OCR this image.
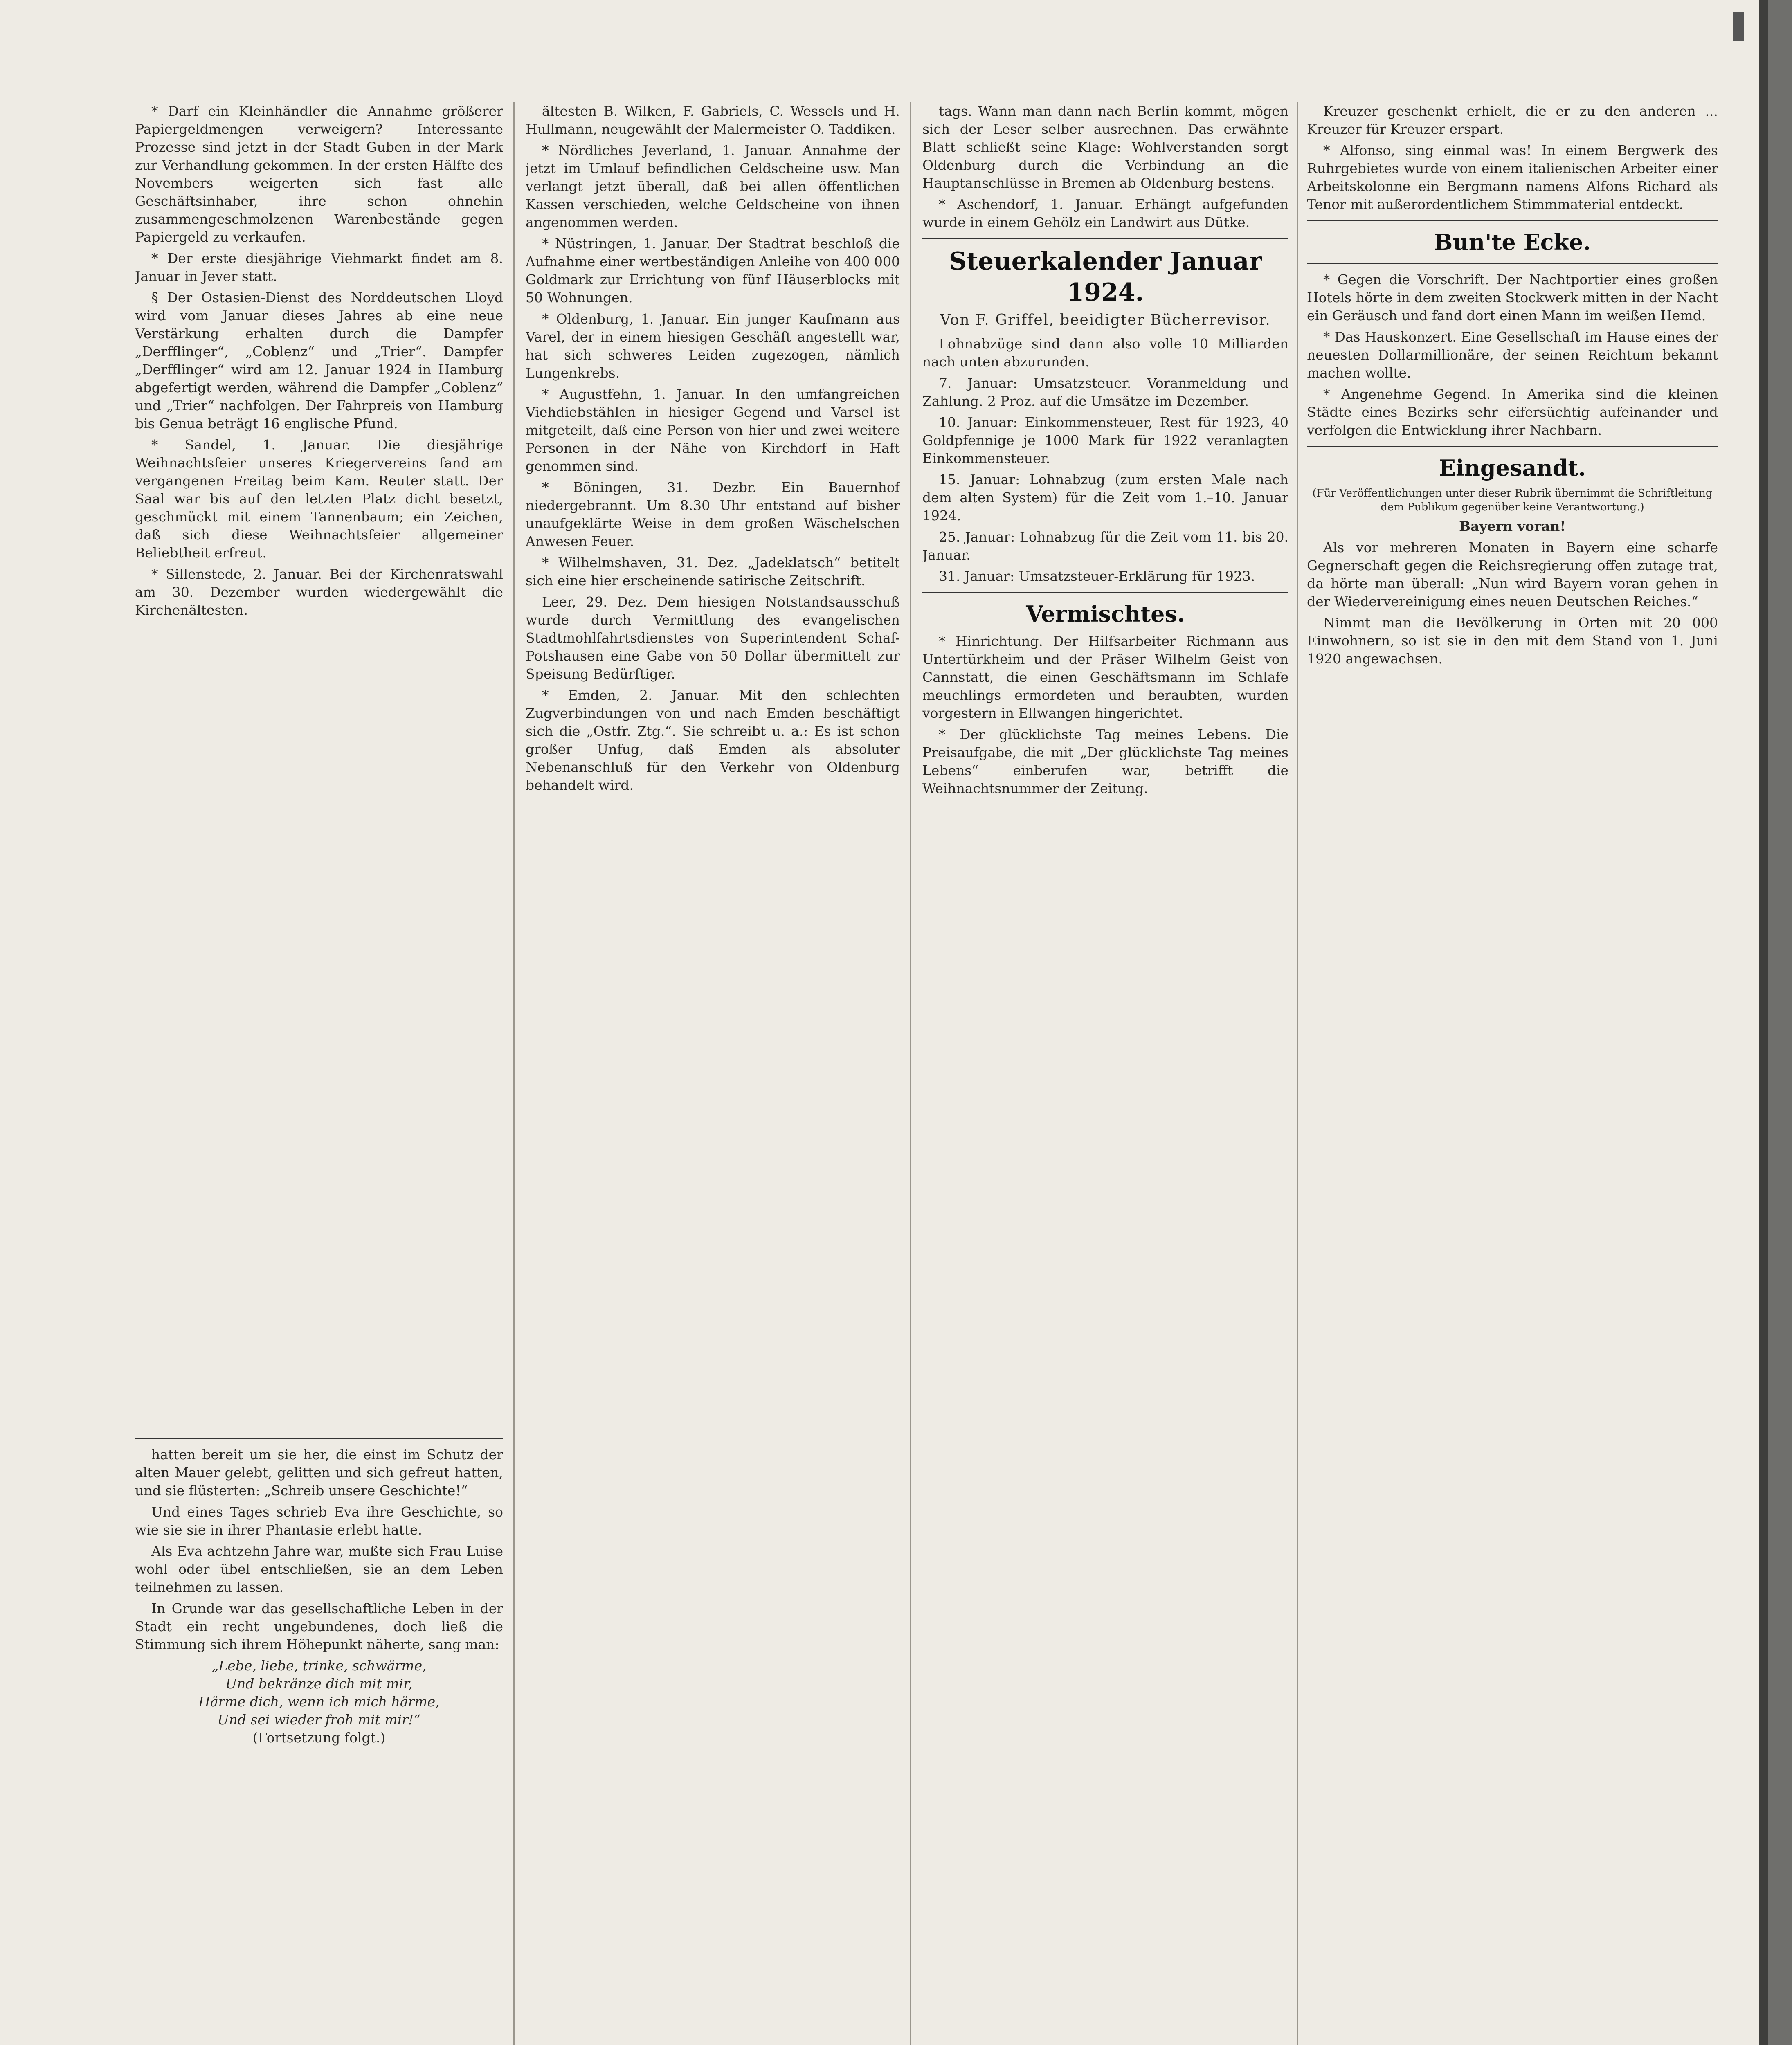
* Darf ein Kleinhändler die Annahme größerer Papiergeldmengen verweigern? Interessante Prozesse sind jetzt in der Stadt Guben in der Mark zur Verhandlung gekommen. In der ersten Hälfte des Novembers weigerten sich fast alle Geschäftsinhaber, ihre schon ohnehin zusammengeschmolzenen Warenbestände gegen Papiergeld zu verkaufen.

* Der erste diesjährige Viehmarkt findet am 8. Januar in Jever statt.

§ Der Ostasien-Dienst des Norddeutschen Lloyd wird vom Januar dieses Jahres ab eine neue Verstärkung erhalten durch die Dampfer „Derfflinger“, „Coblenz“ und „Trier“. Dampfer „Derfflinger“ wird am 12. Januar 1924 in Hamburg abgefertigt werden, während die Dampfer „Coblenz“ und „Trier“ nachfolgen. Der Fahrpreis von Hamburg bis Genua beträgt 16 englische Pfund.

* Sandel, 1. Januar. Die diesjährige Weihnachtsfeier unseres Kriegervereins fand am vergangenen Freitag beim Kam. Reuter statt. Der Saal war bis auf den letzten Platz dicht besetzt, geschmückt mit einem Tannenbaum; ein Zeichen, daß sich diese Weihnachtsfeier allgemeiner Beliebtheit erfreut.

* Sillenstede, 2. Januar. Bei der Kirchenratswahl am 30. Dezember wurden wiedergewählt die Kirchenältesten.

hatten bereit um sie her, die einst im Schutz der alten Mauer gelebt, gelitten und sich gefreut hatten, und sie flüsterten: „Schreib unsere Geschichte!“

Und eines Tages schrieb Eva ihre Geschichte, so wie sie sie in ihrer Phantasie erlebt hatte.

Als Eva achtzehn Jahre war, mußte sich Frau Luise wohl oder übel entschließen, sie an dem Leben teilnehmen zu lassen.

In Grunde war das gesellschaftliche Leben in der Stadt ein recht ungebundenes, doch ließ die Stimmung sich ihrem Höhepunkt näherte, sang man:

„Lebe, liebe, trinke, schwärme,
Und bekränze dich mit mir,
Härme dich, wenn ich mich härme,
Und sei wieder froh mit mir!“
(Fortsetzung folgt.)

ältesten B. Wilken, F. Gabriels, C. Wessels und H. Hullmann, neugewählt der Malermeister O. Taddiken.

* Nördliches Jeverland, 1. Januar. Annahme der jetzt im Umlauf befindlichen Geldscheine usw. Man verlangt jetzt überall, daß bei allen öffentlichen Kassen verschieden, welche Geldscheine von ihnen angenommen werden.

* Nüstringen, 1. Januar. Der Stadtrat beschloß die Aufnahme einer wertbeständigen Anleihe von 400 000 Goldmark zur Errichtung von fünf Häuserblocks mit 50 Wohnungen.

* Oldenburg, 1. Januar. Ein junger Kaufmann aus Varel, der in einem hiesigen Geschäft angestellt war, hat sich schweres Leiden zugezogen, nämlich Lungenkrebs.

* Augustfehn, 1. Januar. In den umfangreichen Viehdiebstählen in hiesiger Gegend und Varsel ist mitgeteilt, daß eine Person von hier und zwei weitere Personen in der Nähe von Kirchdorf in Haft genommen sind.

* Böningen, 31. Dezbr. Ein Bauernhof niedergebrannt. Um 8.30 Uhr entstand auf bisher unaufgeklärte Weise in dem großen Wäschelschen Anwesen Feuer.

* Wilhelmshaven, 31. Dez. „Jadeklatsch“ betitelt sich eine hier erscheinende satirische Zeitschrift.

Leer, 29. Dez. Dem hiesigen Notstandsausschuß wurde durch Vermittlung des evangelischen Stadtmohlfahrtsdienstes von Superintendent Schaf-Potshausen eine Gabe von 50 Dollar übermittelt zur Speisung Bedürftiger.

* Emden, 2. Januar. Mit den schlechten Zugverbindungen von und nach Emden beschäftigt sich die „Ostfr. Ztg.“. Sie schreibt u. a.: Es ist schon großer Unfug, daß Emden als absoluter Nebenanschluß für den Verkehr von Oldenburg behandelt wird.

tags. Wann man dann nach Berlin kommt, mögen sich der Leser selber ausrechnen. Das erwähnte Blatt schließt seine Klage: Wohlverstanden sorgt Oldenburg durch die Verbindung an die Hauptanschlüsse in Bremen ab Oldenburg bestens.

* Aschendorf, 1. Januar. Erhängt aufgefunden wurde in einem Gehölz ein Landwirt aus Dütke.

Steuerkalender Januar 1924.
Von F. Griffel, beeidigter Bücherrevisor.

Lohnabzüge sind dann also volle 10 Milliarden nach unten abzurunden.

7. Januar: Umsatzsteuer. Voranmeldung und Zahlung. 2 Proz. auf die Umsätze im Dezember.

10. Januar: Einkommensteuer, Rest für 1923, 40 Goldpfennige je 1000 Mark für 1922 veranlagten Einkommensteuer.

15. Januar: Lohnabzug (zum ersten Male nach dem alten System) für die Zeit vom 1.–10. Januar 1924.

25. Januar: Lohnabzug für die Zeit vom 11. bis 20. Januar.

31. Januar: Umsatzsteuer-Erklärung für 1923.

Vermischtes.

* Hinrichtung. Der Hilfsarbeiter Richmann aus Untertürkheim und der Präser Wilhelm Geist von Cannstatt, die einen Geschäftsmann im Schlafe meuchlings ermordeten und beraubten, wurden vorgestern in Ellwangen hingerichtet.

* Der glücklichste Tag meines Lebens. Die Preisaufgabe, die mit „Der glücklichste Tag meines Lebens“ einberufen war, betrifft die Weihnachtsnummer der Zeitung.

Kreuzer geschenkt erhielt, die er zu den anderen ... Kreuzer für Kreuzer erspart.

* Alfonso, sing einmal was! In einem Bergwerk des Ruhrgebietes wurde von einem italienischen Arbeiter einer Arbeitskolonne ein Bergmann namens Alfons Richard als Tenor mit außerordentlichem Stimmmaterial entdeckt.

Bun'te Ecke.

* Gegen die Vorschrift. Der Nachtportier eines großen Hotels hörte in dem zweiten Stockwerk mitten in der Nacht ein Geräusch und fand dort einen Mann im weißen Hemd.

* Das Hauskonzert. Eine Gesellschaft im Hause eines der neuesten Dollarmillionäre, der seinen Reichtum bekannt machen wollte.

* Angenehme Gegend. In Amerika sind die kleinen Städte eines Bezirks sehr eifersüchtig aufeinander und verfolgen die Entwicklung ihrer Nachbarn.

Eingesandt.
(Für Veröffentlichungen unter dieser Rubrik übernimmt die Schriftleitung dem Publikum gegenüber keine Verantwortung.)
Bayern voran!

Als vor mehreren Monaten in Bayern eine scharfe Gegnerschaft gegen die Reichsregierung offen zutage trat, da hörte man überall: „Nun wird Bayern voran gehen in der Wiedervereinigung eines neuen Deutschen Reiches.“

Nimmt man die Bevölkerung in Orten mit 20 000 Einwohnern, so ist sie in den mit dem Stand von 1. Juni 1920 angewachsen.
